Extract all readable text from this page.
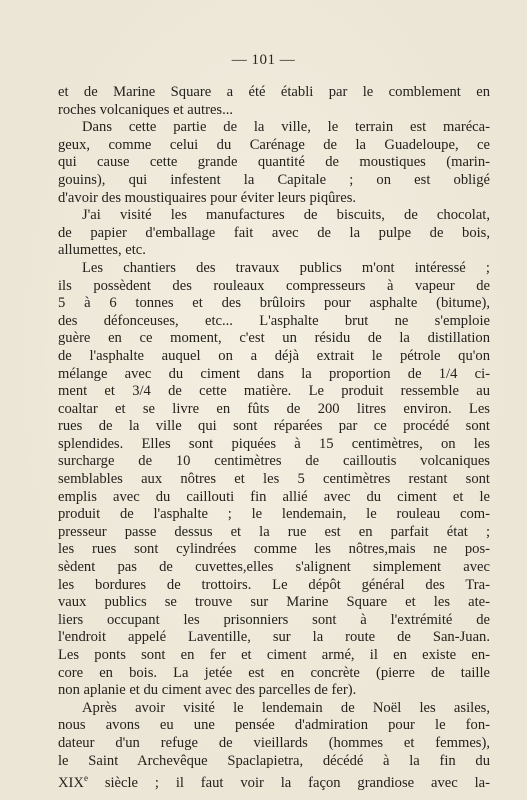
— 101 —
et de Marine Square a été établi par le comblement en
roches volcaniques et autres...
Dans cette partie de la ville, le terrain est maréca-
geux, comme celui du Carénage de la Guadeloupe, ce
qui cause cette grande quantité de moustiques (marin-
gouins), qui infestent la Capitale ; on est obligé
d'avoir des moustiquaires pour éviter leurs piqûres.
J'ai visité les manufactures de biscuits, de chocolat,
de papier d'emballage fait avec de la pulpe de bois,
allumettes, etc.
Les chantiers des travaux publics m'ont intéressé ;
ils possèdent des rouleaux compresseurs à vapeur de
5 à 6 tonnes et des brûloirs pour asphalte (bitume),
des défonceuses, etc... L'asphalte brut ne s'emploie
guère en ce moment, c'est un résidu de la distillation
de l'asphalte auquel on a déjà extrait le pétrole qu'on
mélange avec du ciment dans la proportion de 1/4 ci-
ment et 3/4 de cette matière. Le produit ressemble au
coaltar et se livre en fûts de 200 litres environ. Les
rues de la ville qui sont réparées par ce procédé sont
splendides. Elles sont piquées à 15 centimètres, on les
surcharge de 10 centimètres de cailloutis volcaniques
semblables aux nôtres et les 5 centimètres restant sont
emplis avec du caillouti fin allié avec du ciment et le
produit de l'asphalte ; le lendemain, le rouleau com-
presseur passe dessus et la rue est en parfait état ;
les rues sont cylindrées comme les nôtres,mais ne pos-
sèdent pas de cuvettes,elles s'alignent simplement avec
les bordures de trottoirs. Le dépôt général des Tra-
vaux publics se trouve sur Marine Square et les ate-
liers occupant les prisonniers sont à l'extrémité de
l'endroit appelé Laventille, sur la route de San-Juan.
Les ponts sont en fer et ciment armé, il en existe en-
core en bois. La jetée est en concrète (pierre de taille
non aplanie et du ciment avec des parcelles de fer).
Après avoir visité le lendemain de Noël les asiles,
nous avons eu une pensée d'admiration pour le fon-
dateur d'un refuge de vieillards (hommes et femmes),
le Saint Archevêque Spaclapietra, décédé à la fin du
XIXe siècle ; il faut voir la façon grandiose avec la-
